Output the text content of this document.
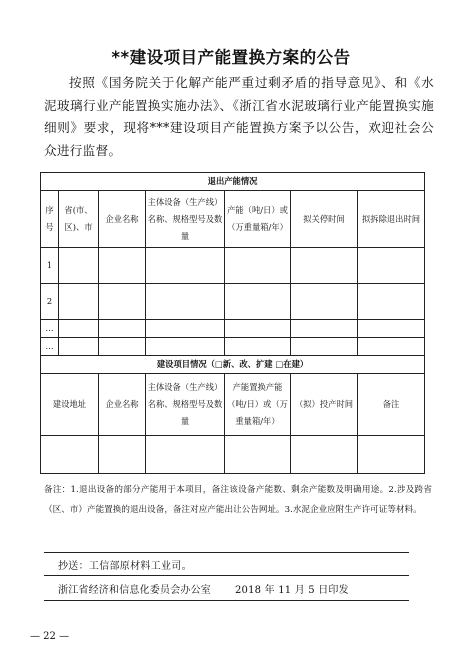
**建设项目产能置换方案的公告
按照《国务院关于化解产能严重过剩矛盾的指导意见》、和《水泥玻璃行业产能置换实施办法》、《浙江省水泥玻璃行业产能置换实施细则》要求，现将***建设项目产能置换方案予以公告，欢迎社会公众进行监督。
退出产能情况						
序号	省(市、区)、市	企业名称	主体设备（生产线）名称、规格型号及数量	产能（吨/日）或（万重量箱/年）	拟关停时间	拟拆除退出时间
1						
2						
…						
…						
建设项目情况（□新、改、扩建 □在建）						
建设地址		企业名称	主体设备（生产线）名称、规格型号及数量	产能置换产能（吨/日）或（万重量箱/年）	（拟）投产时间	备注

备注：1.退出设备的部分产能用于本项目，备注该设备产能数、剩余产能数及明确用途。2.涉及跨省（区、市）产能置换的退出设备，备注对应产能出让公告网址。3.水泥企业应附生产许可证等材料。
抄送：工信部原材料工业司。
浙江省经济和信息化委员会办公室 2018 年 11 月 5 日印发
— 22 —
